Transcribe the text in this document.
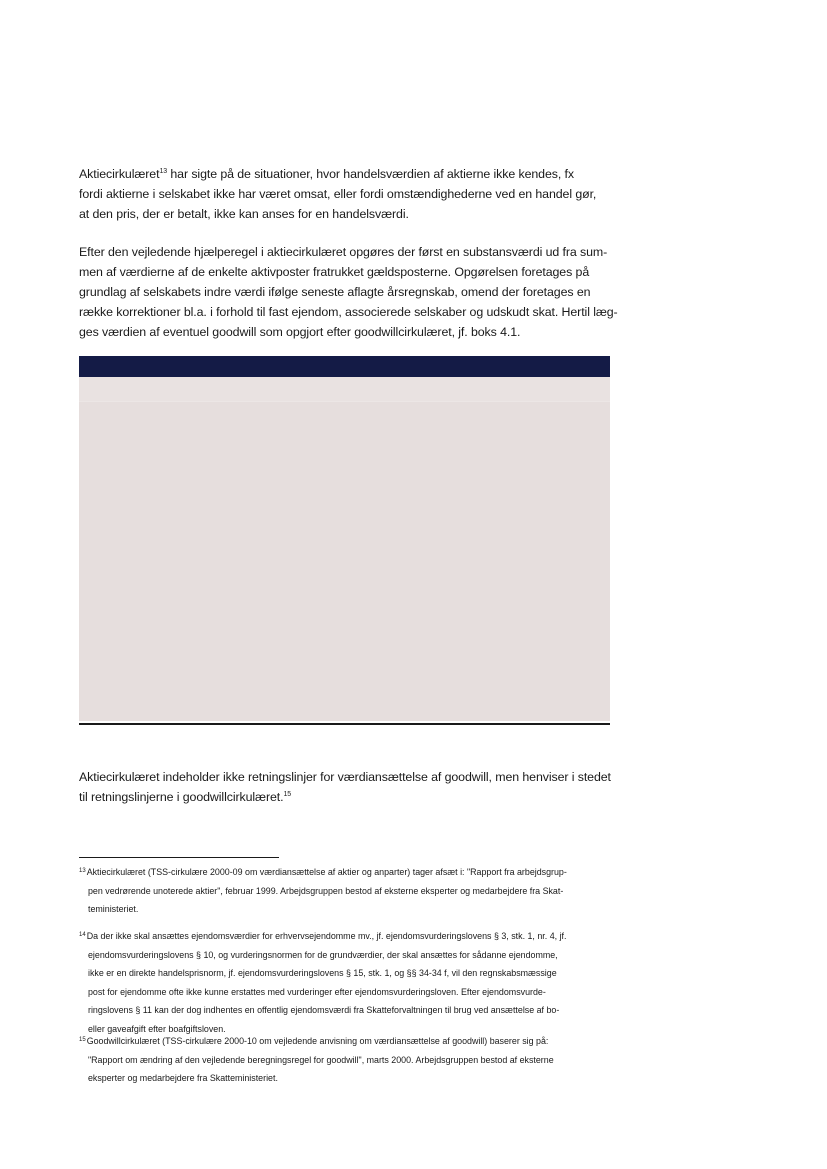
Aktiecirkulæret$^{13}$ har sigte på de situationer, hvor handelsværdien af aktierne ikke kendes, fx
fordi aktierne i selskabet ikke har været omsat, eller fordi omstændighederne ved en handel gør,
at den pris, der er betalt, ikke kan anses for en handelsværdi.

Efter den vejledende hjælperegel i aktiecirkulæret opgøres der først en substansværdi ud fra sum-
men af værdierne af de enkelte aktivposter fratrukket gældsposterne. Opgørelsen foretages på
grundlag af selskabets indre værdi ifølge seneste aflagte årsregnskab, omend der foretages en
række korrektioner bl.a. i forhold til fast ejendom, associerede selskaber og udskudt skat. Hertil læg-
ges værdien af eventuel goodwill som opgjort efter goodwillcirkulæret, jf. boks 4.1.

Aktiecirkulæret indeholder ikke retningslinjer for værdiansættelse af goodwill, men henviser i stedet
til retningslinjerne i goodwillcirkulæret.$^{15}$

$^{13}$Aktiecirkulæret (TSS-cirkulære 2000-09 om værdiansættelse af aktier og anparter) tager afsæt i: "Rapport fra arbejdsgrup-
pen vedrørende unoterede aktier", februar 1999. Arbejdsgruppen bestod af eksterne eksperter og medarbejdere fra Skat-
teministeriet.

$^{14}$Da der ikke skal ansættes ejendomsværdier for erhvervsejendomme mv., jf. ejendomsvurderingslovens § 3, stk. 1, nr. 4, jf.
ejendomsvurderingslovens § 10, og vurderingsnormen for de grundværdier, der skal ansættes for sådanne ejendomme,
ikke er en direkte handelsprisnorm, jf. ejendomsvurderingslovens § 15, stk. 1, og §§ 34-34 f, vil den regnskabsmæssige
post for ejendomme ofte ikke kunne erstattes med vurderinger efter ejendomsvurderingsloven. Efter ejendomsvurde-
ringslovens § 11 kan der dog indhentes en offentlig ejendomsværdi fra Skatteforvaltningen til brug ved ansættelse af bo-
eller gaveafgift efter boafgiftsloven.

$^{15}$Goodwillcirkulæret (TSS-cirkulære 2000-10 om vejledende anvisning om værdiansættelse af goodwill) baserer sig på:
"Rapport om ændring af den vejledende beregningsregel for goodwill", marts 2000. Arbejdsgruppen bestod af eksterne
eksperter og medarbejdere fra Skatteministeriet.
